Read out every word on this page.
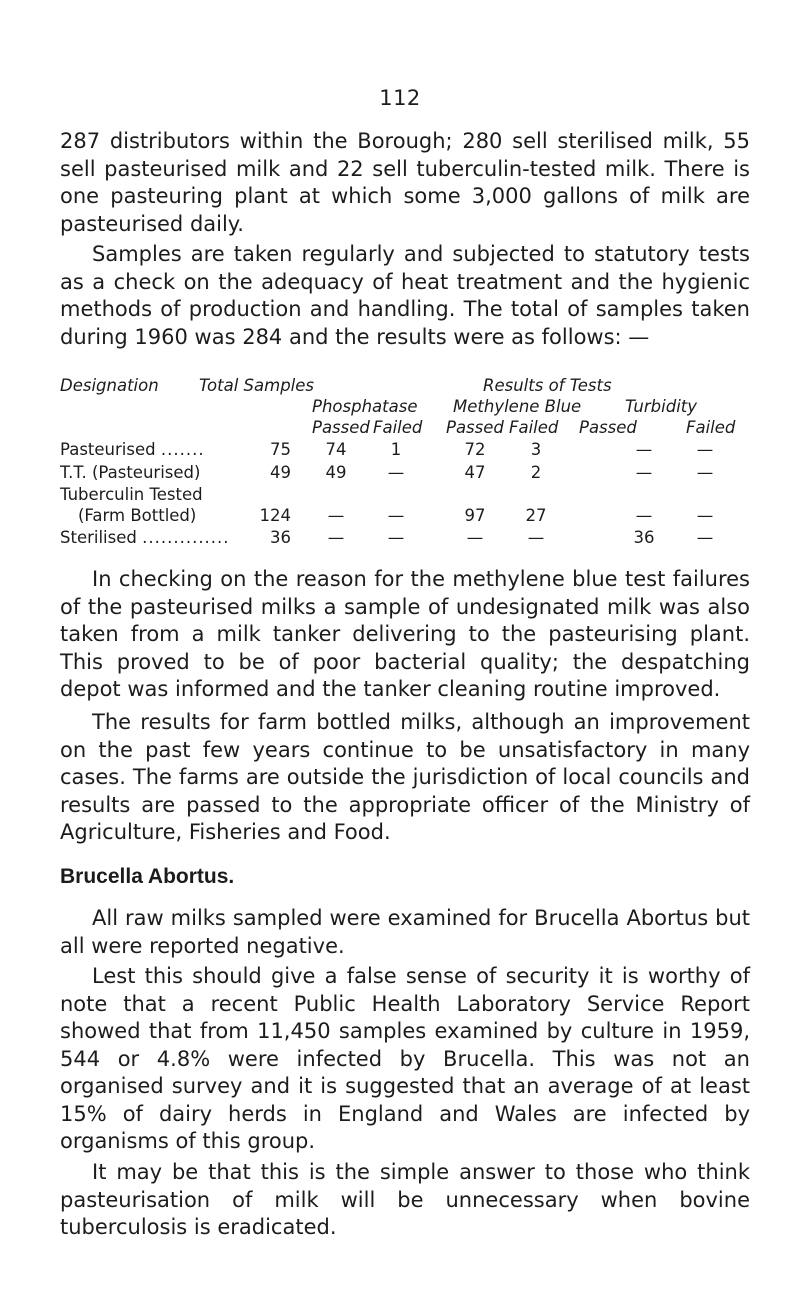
112

287 distributors within the Borough; 280 sell sterilised milk, 55 sell pasteurised milk and 22 sell tuberculin-tested milk. There is one pasteuring plant at which some 3,000 gallons of milk are pasteurised daily.

Samples are taken regularly and subjected to statutory tests as a check on the adequacy of heat treatment and the hygienic methods of production and handling. The total of samples taken during 1960 was 284 and the results were as follows: —

Designation Total Samples	Results of Tests
Phosphatase Methylene Blue	Turbidity
Passed Failed Passed Failed Passed	Failed
Pasteurised .......	75	74	1	72	3	—	—
T.T. (Pasteurised)	49	49	—	47	2	—	—
Tuberculin Tested
(Farm Bottled)	124	—	—	97	27	—	—
Sterilised ..............	36	—	—	—	—	36	—

In checking on the reason for the methylene blue test failures of the pasteurised milks a sample of undesignated milk was also taken from a milk tanker delivering to the pasteurising plant. This proved to be of poor bacterial quality; the despatching depot was informed and the tanker cleaning routine improved.

The results for farm bottled milks, although an improvement on the past few years continue to be unsatisfactory in many cases. The farms are outside the jurisdiction of local councils and results are passed to the appropriate officer of the Ministry of Agriculture, Fisheries and Food.

Brucella Abortus.

All raw milks sampled were examined for Brucella Abortus but all were reported negative.

Lest this should give a false sense of security it is worthy of note that a recent Public Health Laboratory Service Report showed that from 11,450 samples examined by culture in 1959, 544 or 4.8% were infected by Brucella. This was not an organised survey and it is suggested that an average of at least 15% of dairy herds in England and Wales are infected by organisms of this group.

It may be that this is the simple answer to those who think pasteurisation of milk will be unnecessary when bovine tuberculosis is eradicated.
